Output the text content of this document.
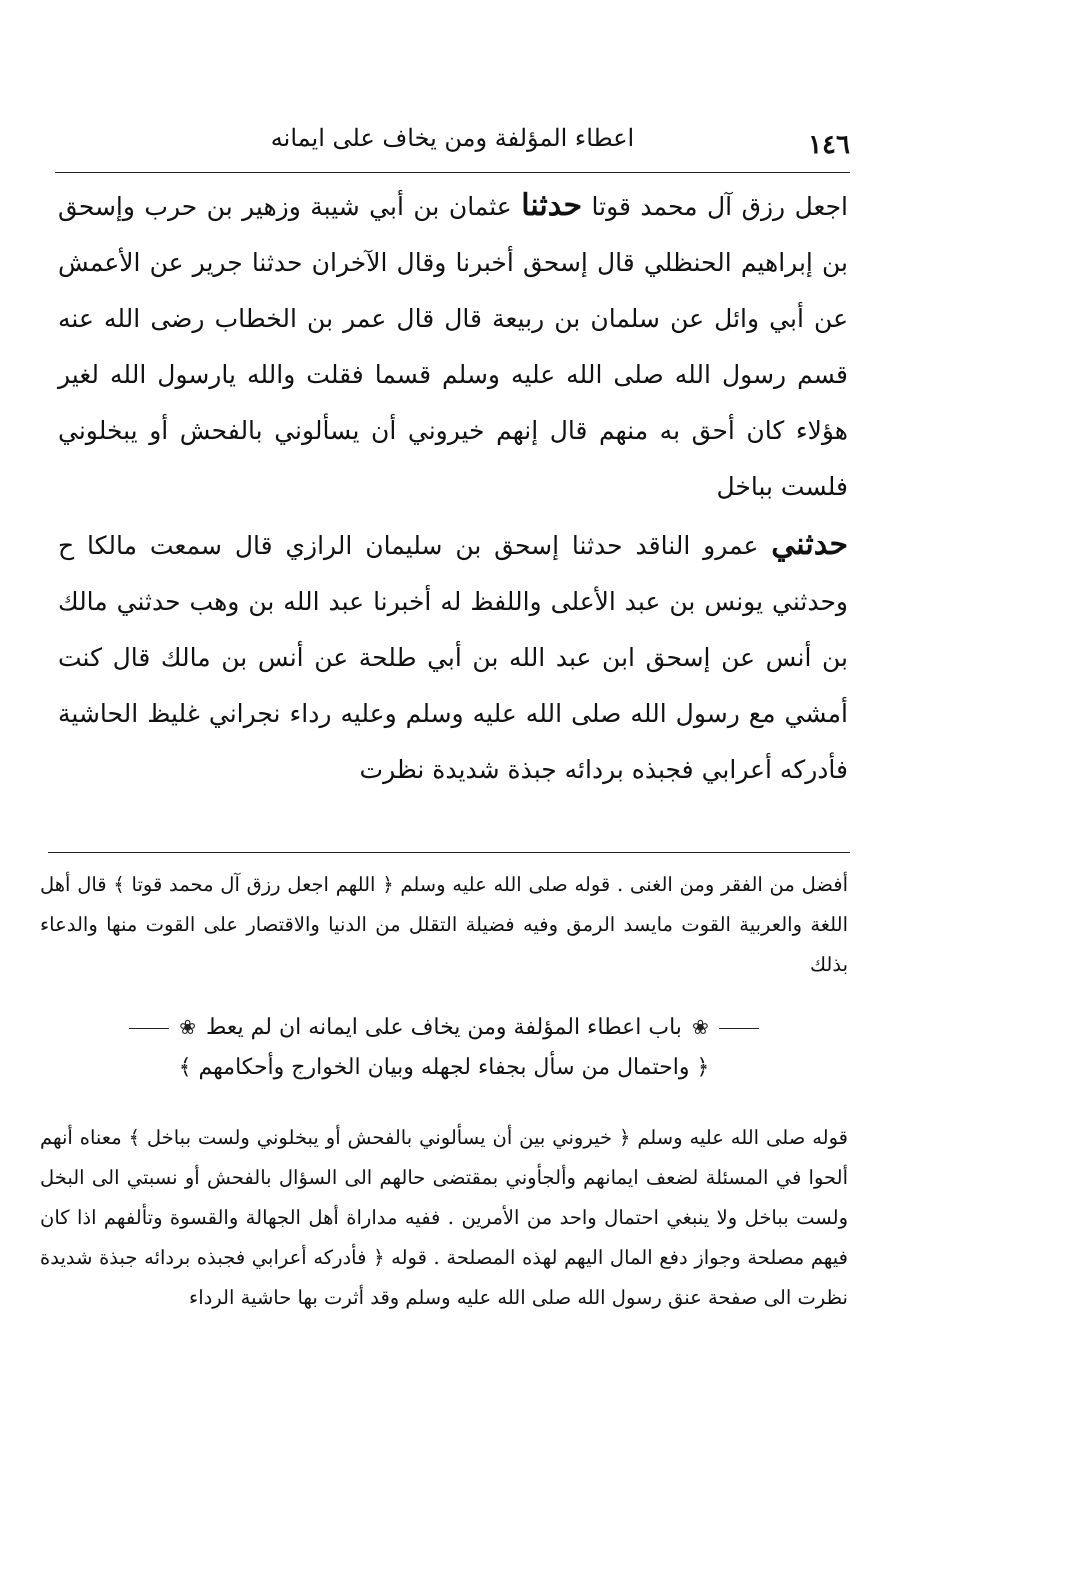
١٤٦
اعطاء المؤلفة ومن يخاف على ايمانه

اجعل رزق آل محمد قوتا حدثنا عثمان بن أبي شيبة وزهير بن حرب وإسحق بن إبراهيم الحنظلي قال إسحق أخبرنا وقال الآخران حدثنا جرير عن الأعمش عن أبي وائل عن سلمان بن ربيعة قال قال عمر بن الخطاب رضى الله عنه قسم رسول الله صلى الله عليه وسلم قسما فقلت والله يارسول الله لغير هؤلاء كان أحق به منهم قال إنهم خيروني أن يسألوني بالفحش أو يبخلوني فلست بباخل

حدثني عمرو الناقد حدثنا إسحق بن سليمان الرازي قال سمعت مالكا ح وحدثني يونس بن عبد الأعلى واللفظ له أخبرنا عبد الله بن وهب حدثني مالك بن أنس عن إسحق ابن عبد الله بن أبي طلحة عن أنس بن مالك قال كنت أمشي مع رسول الله صلى الله عليه وسلم وعليه رداء نجراني غليظ الحاشية فأدركه أعرابي فجبذه بردائه جبذة شديدة نظرت

أفضل من الفقر ومن الغنى . قوله صلى الله عليه وسلم ﴿ اللهم اجعل رزق آل محمد قوتا ﴾ قال أهل اللغة والعربية القوت مايسد الرمق وفيه فضيلة التقلل من الدنيا والاقتصار على القوت منها والدعاء بذلك

❀باب اعطاء المؤلفة ومن يخاف على ايمانه ان لم يعط❀
﴿ واحتمال من سأل بجفاء لجهله وبيان الخوارج وأحكامهم ﴾

قوله صلى الله عليه وسلم ﴿ خيروني بين أن يسألوني بالفحش أو يبخلوني ولست بباخل ﴾ معناه أنهم ألحوا في المسئلة لضعف ايمانهم وألجأوني بمقتضى حالهم الى السؤال بالفحش أو نسبتي الى البخل ولست بباخل ولا ينبغي احتمال واحد من الأمرين . ففيه مداراة أهل الجهالة والقسوة وتألفهم اذا كان فيهم مصلحة وجواز دفع المال اليهم لهذه المصلحة . قوله ﴿ فأدركه أعرابي فجبذه بردائه جبذة شديدة نظرت الى صفحة عنق رسول الله صلى الله عليه وسلم وقد أثرت بها حاشية الرداء
